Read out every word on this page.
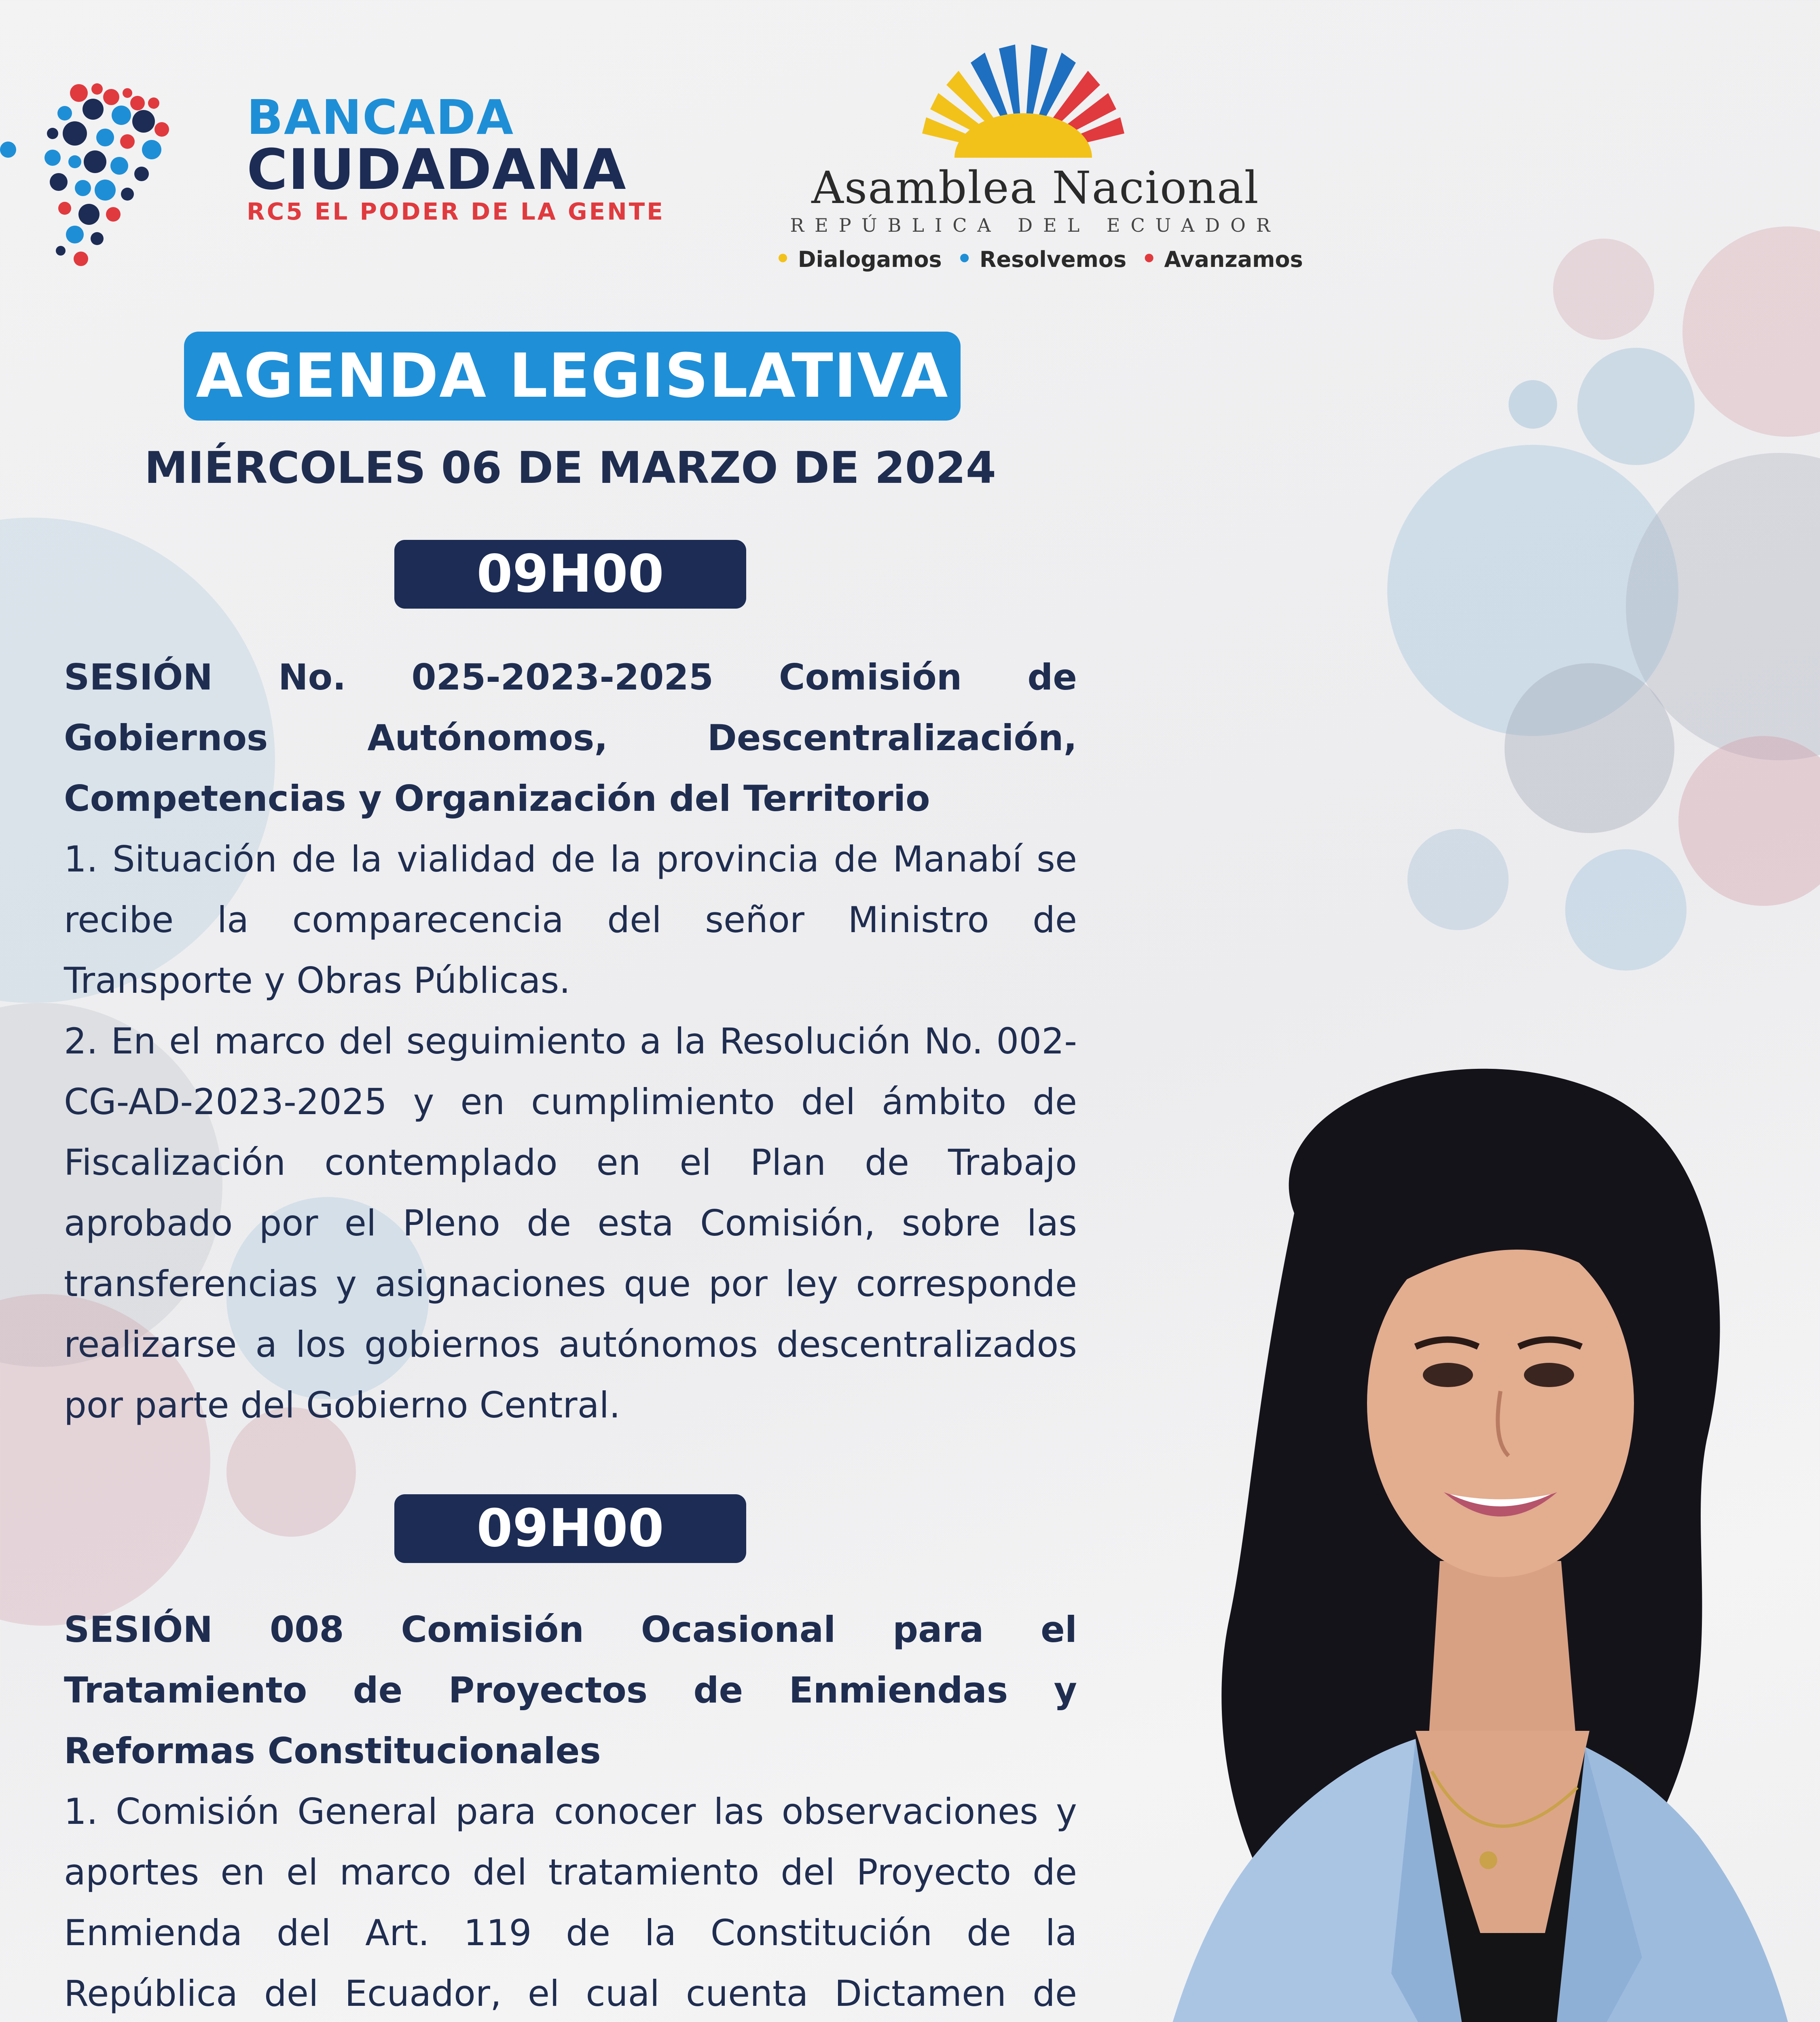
BANCADA
CIUDADANA
RC5 EL PODER DE LA GENTE	Asamblea Nacional
REPÚBLICA DEL ECUADOR
• Dialogamos • Resolvemos • Avanzamos
AGENDA LEGISLATIVA
MIÉRCOLES 06 DE MARZO DE 2024
09H00
SESIÓN No. 025-2023-2025 Comisión de Gobiernos Autónomos, Descentralización, Competencias y Organización del Territorio
1. Situación de la vialidad de la provincia de Manabí se recibe la comparecencia del señor Ministro de Transporte y Obras Públicas.
2. En el marco del seguimiento a la Resolución No. 002-CG-AD-2023-2025 y en cumplimiento del ámbito de Fiscalización contemplado en el Plan de Trabajo aprobado por el Pleno de esta Comisión, sobre las transferencias y asignaciones que por ley corresponde realizarse a los gobiernos autónomos descentralizados por parte del Gobierno Central.
09H00
SESIÓN 008 Comisión Ocasional para el Tratamiento de Proyectos de Enmiendas y Reformas Constitucionales
1. Comisión General para conocer las observaciones y aportes en el marco del tratamiento del Proyecto de Enmienda del Art. 119 de la Constitución de la República del Ecuador, el cual cuenta Dictamen de
